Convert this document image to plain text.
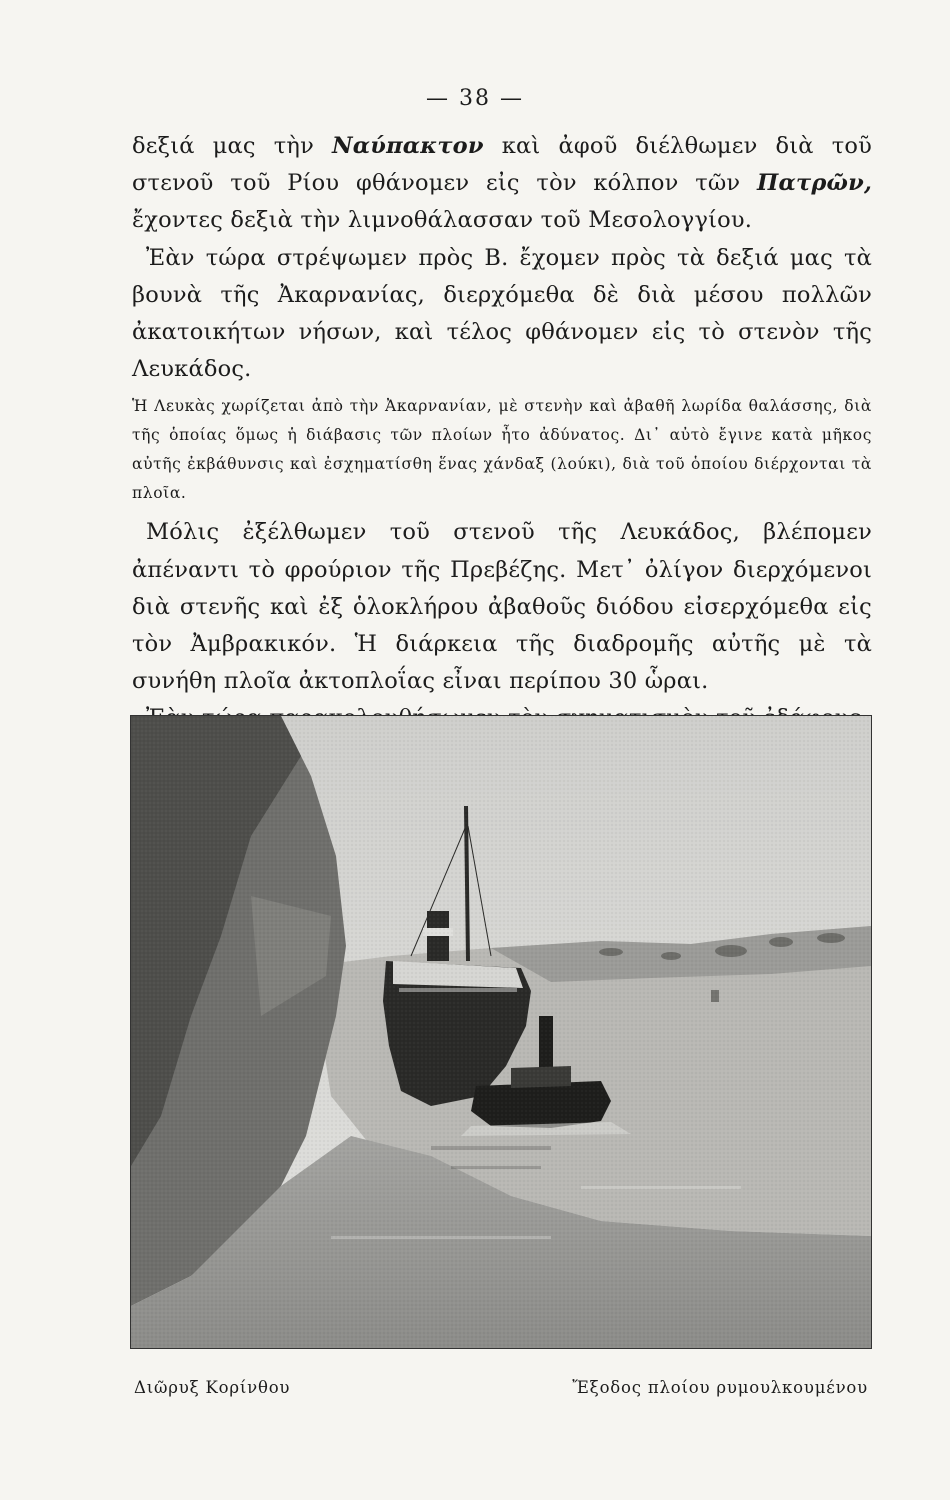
— 38 —

δεξιά μας τὴν Ναύπακτον καὶ ἀφοῦ διέλθωμεν διὰ τοῦ στενοῦ τοῦ Ρίου φθάνομεν εἰς τὸν κόλπον τῶν Πατρῶν, ἔχοντες δεξιὰ τὴν λιμνοθάλασσαν τοῦ Μεσολογγίου.

Ἐὰν τώρα στρέψωμεν πρὸς Β. ἔχομεν πρὸς τὰ δεξιά μας τὰ βουνὰ τῆς Ἀκαρνανίας, διερχόμεθα δὲ διὰ μέσου πολλῶν ἀκατοικήτων νήσων, καὶ τέλος φθάνομεν εἰς τὸ στενὸν τῆς Λευκάδος.

Ἡ Λευκὰς χωρίζεται ἀπὸ τὴν Ἀκαρνανίαν, μὲ στενὴν καὶ ἀβαθῆ λωρίδα θαλάσσης, διὰ τῆς ὁποίας ὅμως ἡ διάβασις τῶν πλοίων ἦτο ἀδύνατος. Δι᾽ αὐτὸ ἔγινε κατὰ μῆκος αὐτῆς ἐκβάθυνσις καὶ ἐσχηματίσθη ἕνας χάνδαξ (λούκι), διὰ τοῦ ὁποίου διέρχονται τὰ πλοῖα.

Μόλις ἐξέλθωμεν τοῦ στενοῦ τῆς Λευκάδος, βλέπομεν ἀπέναντι τὸ φρούριον τῆς Πρεβέζης. Μετ᾽ ὀλίγον διερχόμενοι διὰ στενῆς καὶ ἐξ ὁλοκλήρου ἀβαθοῦς διόδου εἰσερχόμεθα εἰς τὸν Ἀμβρακικόν. Ἡ διάρκεια τῆς διαδρομῆς αὐτῆς μὲ τὰ συνήθη πλοῖα ἀκτοπλοΐας εἶναι περίπου 30 ὧραι.

Διῶρυξ Κορίνθου	Ἔξοδος πλοίου ρυμουλκουμένου
